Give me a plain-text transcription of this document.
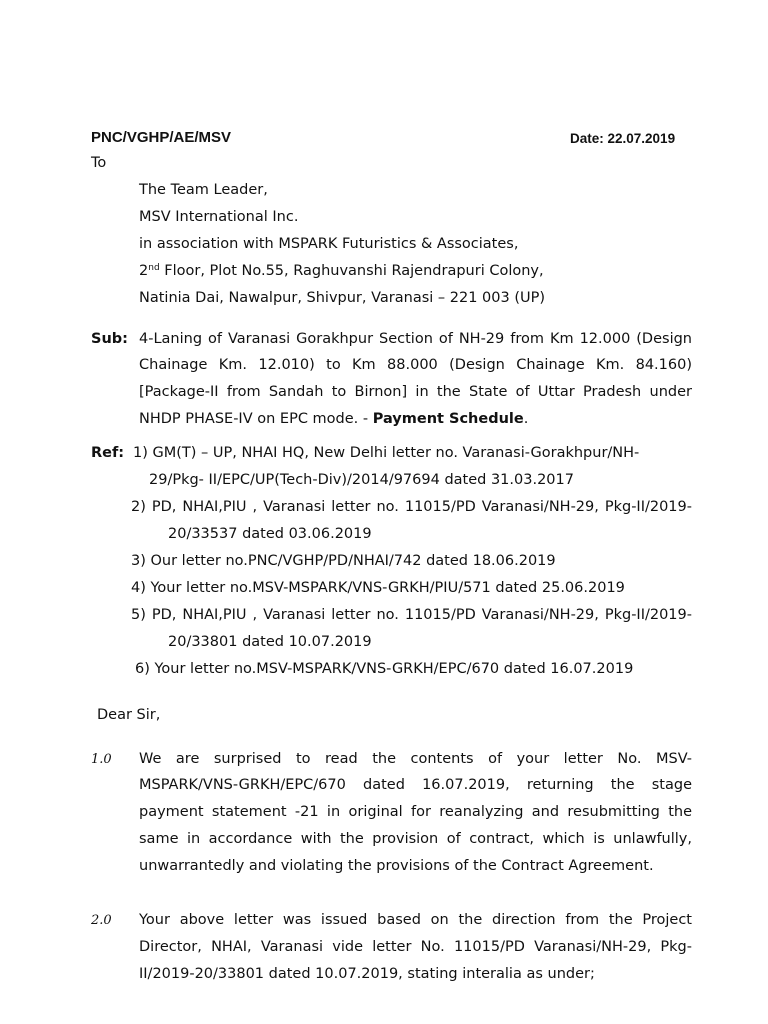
PNC/VGHP/AE/MSV	Date: 22.07.2019
To
The Team Leader,
MSV International Inc.
in association with MSPARK Futuristics & Associates,
2nd Floor, Plot No.55, Raghuvanshi Rajendrapuri Colony,
Natinia Dai, Nawalpur, Shivpur, Varanasi – 221 003 (UP)
Sub: 4-Laning of Varanasi Gorakhpur Section of NH-29 from Km 12.000 (Design
Chainage Km. 12.010) to Km 88.000 (Design Chainage Km. 84.160)
[Package-II from Sandah to Birnon] in the State of Uttar Pradesh under
NHDP PHASE-IV on EPC mode. - Payment Schedule.
Ref: 1) GM(T) – UP, NHAI HQ, New Delhi letter no. Varanasi-Gorakhpur/NH-
29/Pkg- II/EPC/UP(Tech-Div)/2014/97694 dated 31.03.2017
2) PD, NHAI,PIU , Varanasi letter no. 11015/PD Varanasi/NH-29, Pkg-II/2019-
20/33537 dated 03.06.2019
3) Our letter no.PNC/VGHP/PD/NHAI/742 dated 18.06.2019
4) Your letter no.MSV-MSPARK/VNS-GRKH/PIU/571 dated 25.06.2019
5) PD, NHAI,PIU , Varanasi letter no. 11015/PD Varanasi/NH-29, Pkg-II/2019-
20/33801 dated 10.07.2019
6) Your letter no.MSV-MSPARK/VNS-GRKH/EPC/670 dated 16.07.2019
Dear Sir,
1.0 We are surprised to read the contents of your letter No. MSV-
MSPARK/VNS-GRKH/EPC/670 dated 16.07.2019, returning the stage
payment statement -21 in original for reanalyzing and resubmitting the
same in accordance with the provision of contract, which is unlawfully,
unwarrantedly and violating the provisions of the Contract Agreement.
2.0 Your above letter was issued based on the direction from the Project
Director, NHAI, Varanasi vide letter No. 11015/PD Varanasi/NH-29, Pkg-
II/2019-20/33801 dated 10.07.2019, stating interalia as under;
